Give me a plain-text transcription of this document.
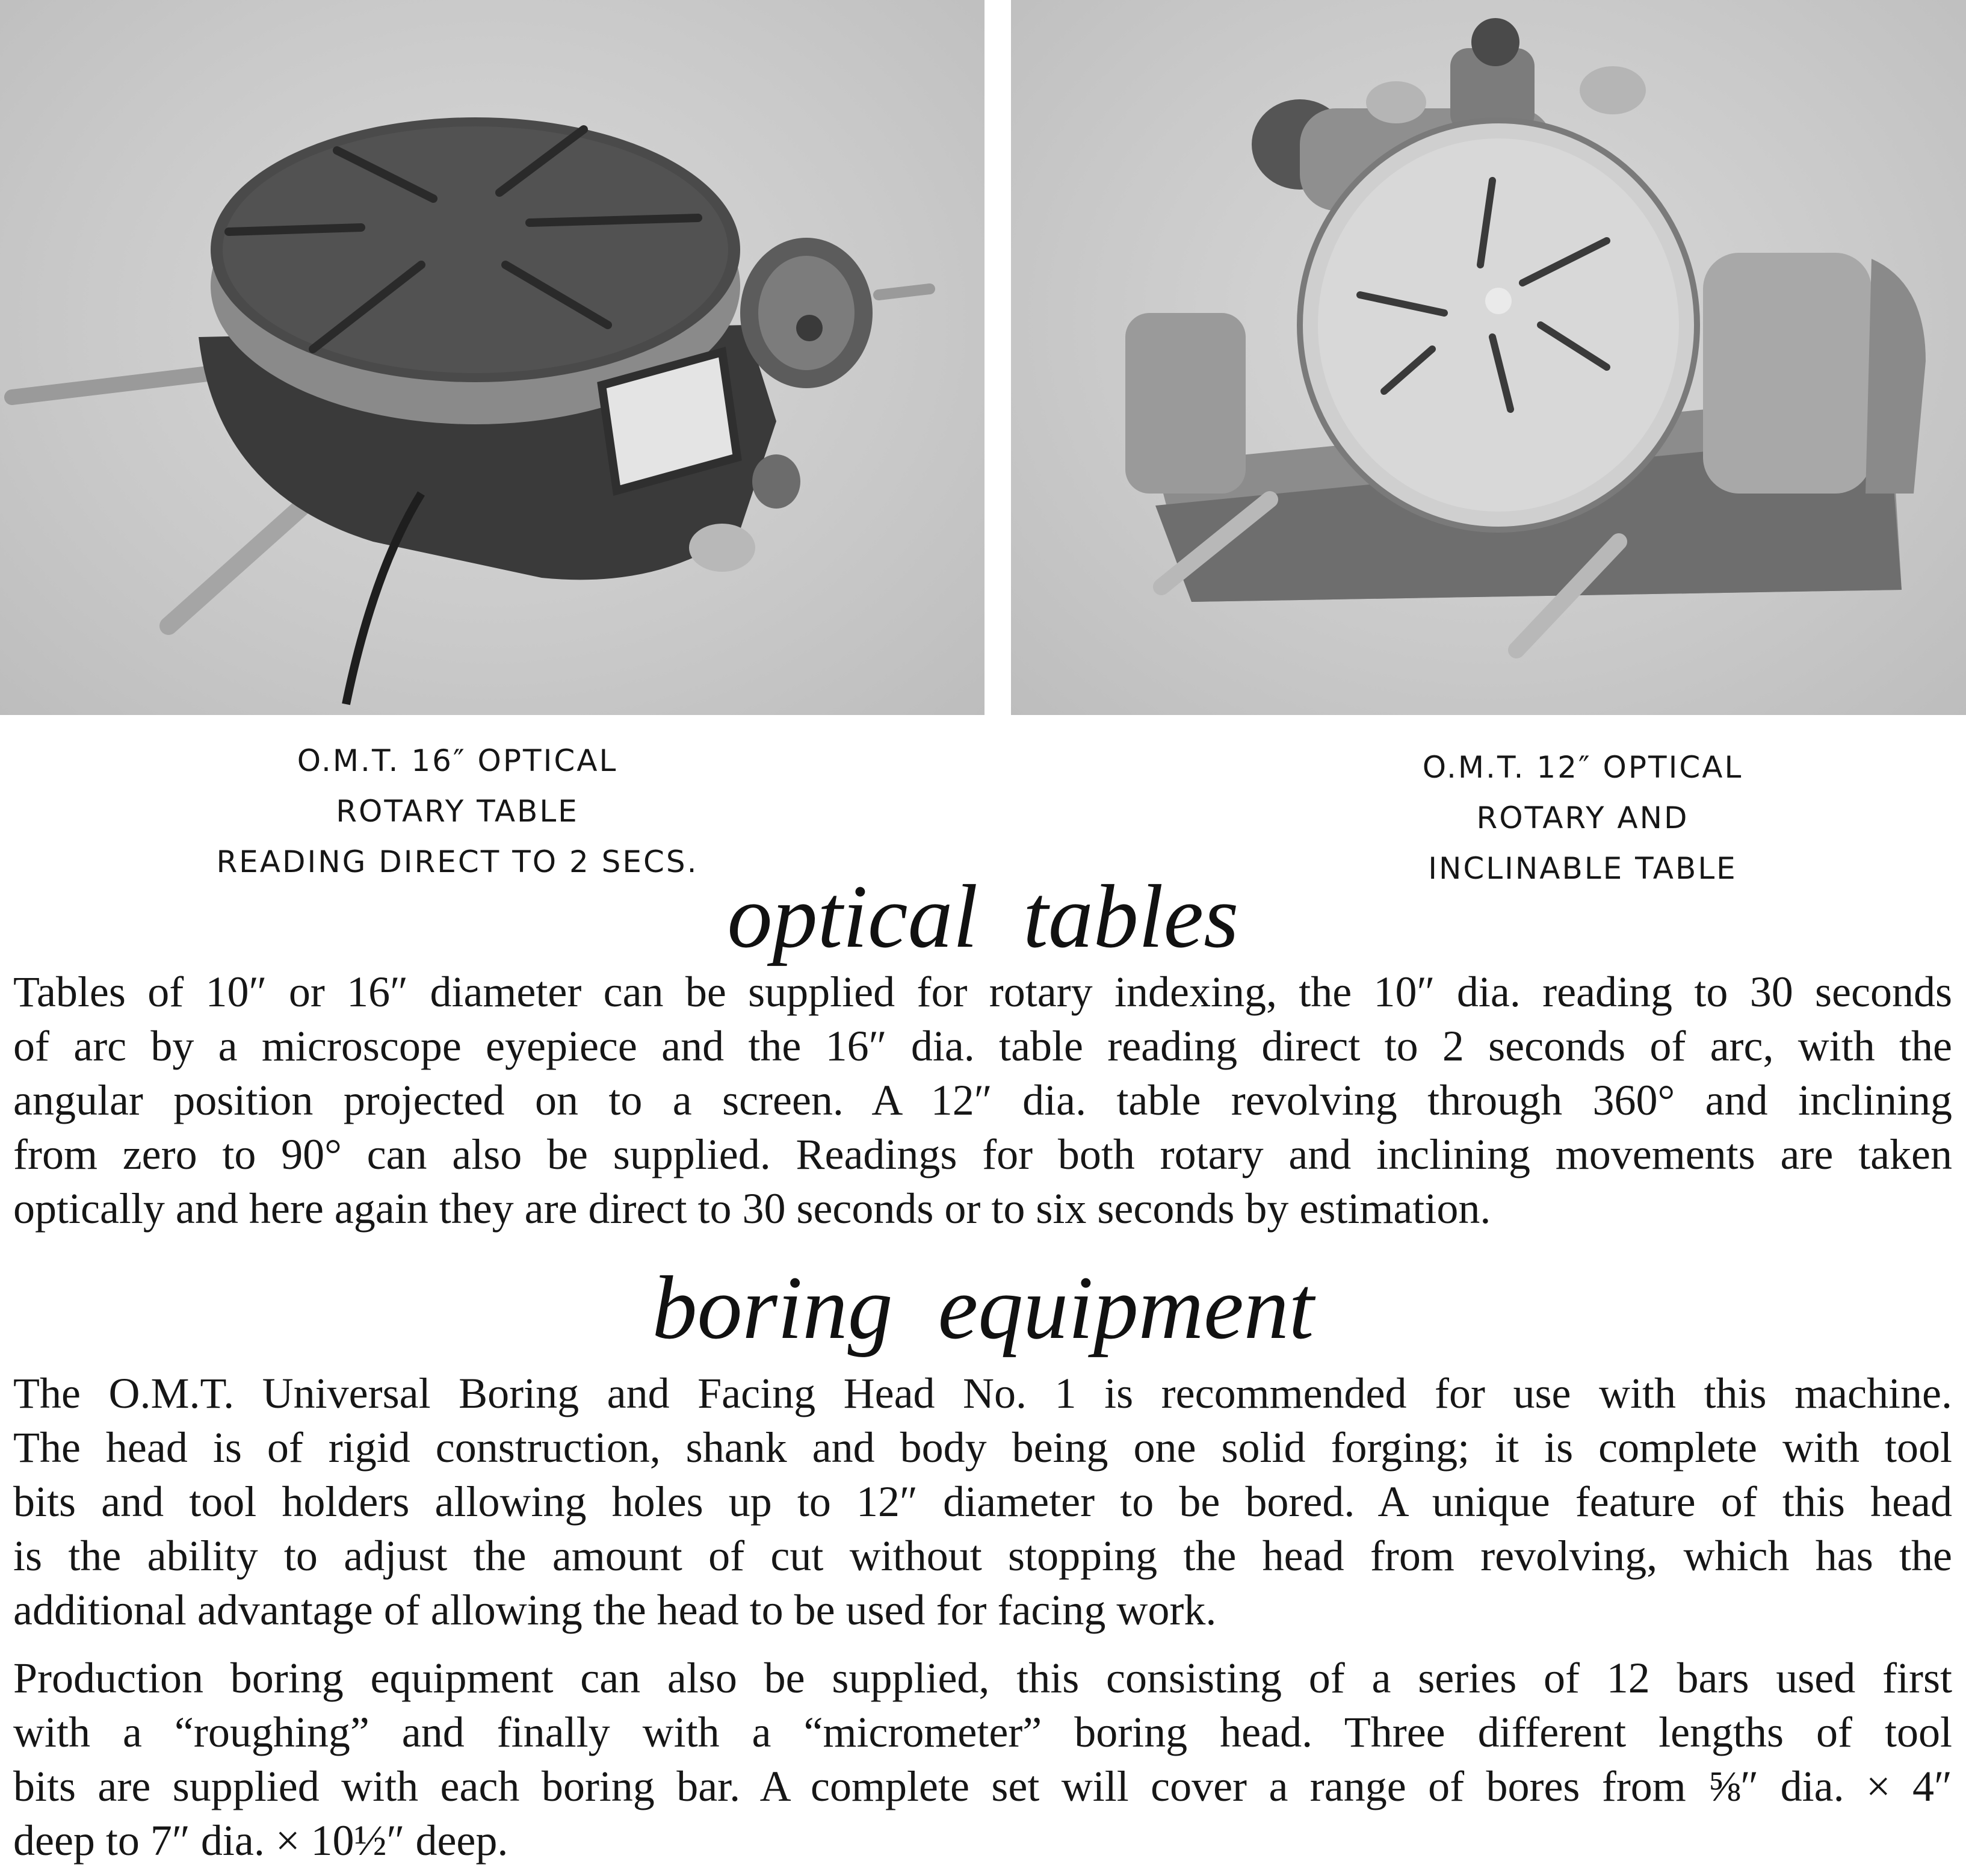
O.M.T. 16″ OPTICAL
ROTARY TABLE
READING DIRECT TO 2 SECS.
O.M.T. 12″ OPTICAL
ROTARY AND
INCLINABLE TABLE
optical  tables
Tables of 10″ or 16″ diameter can be supplied for rotary indexing, the 10″ dia. reading to 30 seconds
of arc by a microscope eyepiece and the 16″ dia. table reading direct to 2 seconds of arc, with the
angular position projected on to a screen. A 12″ dia. table revolving through 360° and inclining
from zero to 90° can also be supplied. Readings for both rotary and inclining movements are taken
optically and here again they are direct to 30 seconds or to six seconds by estimation.
boring  equipment
The O.M.T. Universal Boring and Facing Head No. 1 is recommended for use with this machine.
The head is of rigid construction, shank and body being one solid forging; it is complete with tool
bits and tool holders allowing holes up to 12″ diameter to be bored. A unique feature of this head
is the ability to adjust the amount of cut without stopping the head from revolving, which has the
additional advantage of allowing the head to be used for facing work.
Production boring equipment can also be supplied, this consisting of a series of 12 bars used first
with a “roughing” and finally with a “micrometer” boring head. Three different lengths of tool
bits are supplied with each boring bar. A complete set will cover a range of bores from ⅝″ dia. × 4″
deep to 7″ dia. × 10½″ deep.
